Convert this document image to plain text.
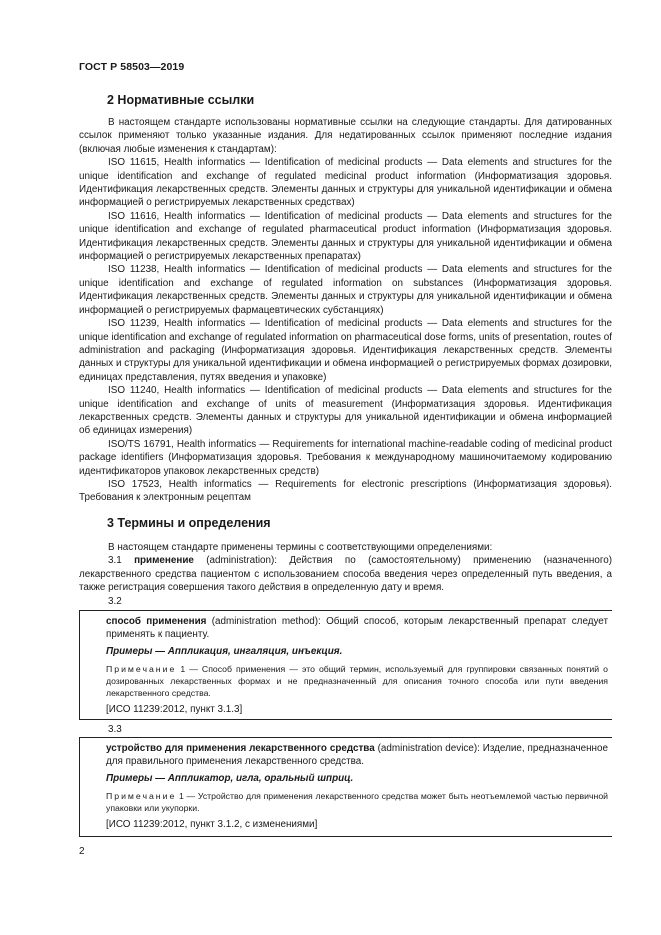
ГОСТ Р 58503—2019
2 Нормативные ссылки

В настоящем стандарте использованы нормативные ссылки на следующие стандарты. Для датированных ссылок применяют только указанные издания. Для недатированных ссылок применяют последние издания (включая любые изменения к стандартам):

ISO 11615, Health informatics — Identification of medicinal products — Data elements and structures for the unique identification and exchange of regulated medicinal product information (Информатизация здоровья. Идентификация лекарственных средств. Элементы данных и структуры для уникальной идентификации и обмена информацией о регистрируемых лекарственных средствах)

ISO 11616, Health informatics — Identification of medicinal products — Data elements and structures for the unique identification and exchange of regulated pharmaceutical product information (Информатизация здоровья. Идентификация лекарственных средств. Элементы данных и структуры для уникальной идентификации и обмена информацией о регистрируемых лекарственных препаратах)

ISO 11238, Health informatics — Identification of medicinal products — Data elements and structures for the unique identification and exchange of regulated information on substances (Информатизация здоровья. Идентификация лекарственных средств. Элементы данных и структуры для уникальной идентификации и обмена информацией о регистрируемых фармацевтических субстанциях)

ISO 11239, Health informatics — Identification of medicinal products — Data elements and structures for the unique identification and exchange of regulated information on pharmaceutical dose forms, units of presentation, routes of administration and packaging (Информатизация здоровья. Идентификация лекарственных средств. Элементы данных и структуры для уникальной идентификации и обмена информацией о регистрируемых формах дозировки, единицах представления, путях введения и упаковке)

ISO 11240, Health informatics — Identification of medicinal products — Data elements and structures for the unique identification and exchange of units of measurement (Информатизация здоровья. Идентификация лекарственных средств. Элементы данных и структуры для уникальной идентификации и обмена информацией об единицах измерения)

ISO/TS 16791, Health informatics — Requirements for international machine-readable coding of medicinal product package identifiers (Информатизация здоровья. Требования к международному машиночитаемому кодированию идентификаторов упаковок лекарственных средств)

ISO 17523, Health informatics — Requirements for electronic prescriptions (Информатизация здоровья). Требования к электронным рецептам

3 Термины и определения

В настоящем стандарте применены термины с соответствующими определениями:

3.1 применение (administration): Действия по (самостоятельному) применению (назначенного) лекарственного средства пациентом с использованием способа введения через определенный путь введения, а также регистрация совершения такого действия в определенную дату и время.

3.2

способ применения (administration method): Общий способ, которым лекарственный препарат следует применять к пациенту.

Примеры — Аппликация, ингаляция, инъекция.

Примечание 1 — Способ применения — это общий термин, используемый для группировки связанных понятий о дозированных лекарственных формах и не предназначенный для описания точного способа или пути введения лекарственного средства.

[ИСО 11239:2012, пункт 3.1.3]

3.3

устройство для применения лекарственного средства (administration device): Изделие, предназначенное для правильного применения лекарственного средства.

Примеры — Аппликатор, игла, оральный шприц.

Примечание 1 — Устройство для применения лекарственного средства может быть неотъемлемой частью первичной упаковки или укупорки.

[ИСО 11239:2012, пункт 3.1.2, с изменениями]

2
